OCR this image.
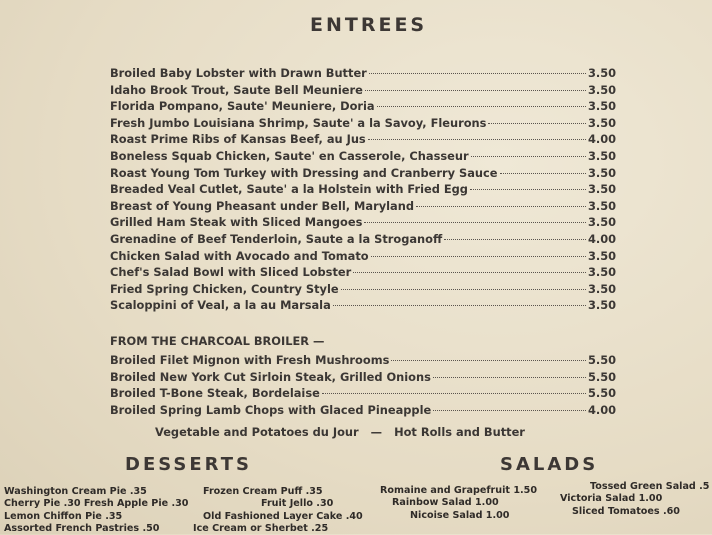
ENTREES
Broiled Baby Lobster with Drawn Butter	3.50
Idaho Brook Trout, Saute Bell Meuniere	3.50
Florida Pompano, Saute' Meuniere, Doria	3.50
Fresh Jumbo Louisiana Shrimp, Saute' a la Savoy, Fleurons	3.50
Roast Prime Ribs of Kansas Beef, au Jus	4.00
Boneless Squab Chicken, Saute' en Casserole, Chasseur	3.50
Roast Young Tom Turkey with Dressing and Cranberry Sauce	3.50
Breaded Veal Cutlet, Saute' a la Holstein with Fried Egg	3.50
Breast of Young Pheasant under Bell, Maryland	3.50
Grilled Ham Steak with Sliced Mangoes	3.50
Grenadine of Beef Tenderloin, Saute a la Stroganoff	4.00
Chicken Salad with Avocado and Tomato	3.50
Chef's Salad Bowl with Sliced Lobster	3.50
Fried Spring Chicken, Country Style	3.50
Scaloppini of Veal, a la au Marsala	3.50
FROM THE CHARCOAL BROILER —
Broiled Filet Mignon with Fresh Mushrooms	5.50
Broiled New York Cut Sirloin Steak, Grilled Onions	5.50
Broiled T-Bone Steak, Bordelaise	5.50
Broiled Spring Lamb Chops with Glaced Pineapple	4.00
Vegetable and Potatoes du Jour — Hot Rolls and Butter
DESSERTS	SALADS
Washington Cream Pie .35
Cherry Pie .30 Fresh Apple Pie .30
Lemon Chiffon Pie .35
Assorted French Pastries .50
Frozen Cream Puff .35
Fruit Jello .30
Old Fashioned Layer Cake .40
Ice Cream or Sherbet .25
Romaine and Grapefruit 1.50
Rainbow Salad 1.00
Nicoise Salad 1.00
Tossed Green Salad .5
Victoria Salad 1.00
Sliced Tomatoes .60
